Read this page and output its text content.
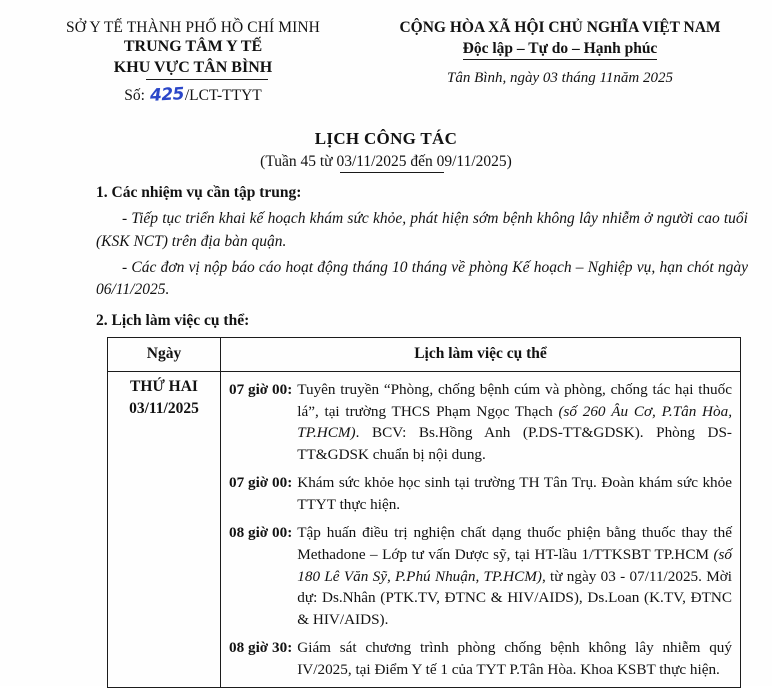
SỞ Y TẾ THÀNH PHỐ HỒ CHÍ MINH
TRUNG TÂM Y TẾ
KHU VỰC TÂN BÌNH
Số: 425/LCT-TTYT
CỘNG HÒA XÃ HỘI CHỦ NGHĨA VIỆT NAM
Độc lập – Tự do – Hạnh phúc
Tân Bình, ngày 03 tháng 11năm 2025
LỊCH CÔNG TÁC
(Tuần 45 từ 03/11/2025 đến 09/11/2025)
1. Các nhiệm vụ cần tập trung:
- Tiếp tục triển khai kế hoạch khám sức khỏe, phát hiện sớm bệnh không lây nhiễm ở người cao tuổi (KSK NCT) trên địa bàn quận.
- Các đơn vị nộp báo cáo hoạt động tháng 10 tháng về phòng Kế hoạch – Nghiệp vụ, hạn chót ngày 06/11/2025.
2. Lịch làm việc cụ thể:
Ngày	Lịch làm việc cụ thể

THỨ HAI
03/11/2025

07 giờ 00: Tuyên truyền “Phòng, chống bệnh cúm và phòng, chống tác hại thuốc lá”, tại trường THCS Phạm Ngọc Thạch (số 260 Âu Cơ, P.Tân Hòa, TP.HCM). BCV: Bs.Hồng Anh (P.DS-TT&GDSK). Phòng DS-TT&GDSK chuẩn bị nội dung.
07 giờ 00: Khám sức khỏe học sinh tại trường TH Tân Trụ. Đoàn khám sức khỏe TTYT thực hiện.
08 giờ 00: Tập huấn điều trị nghiện chất dạng thuốc phiện bằng thuốc thay thế Methadone – Lớp tư vấn Dược sỹ, tại HT-lầu 1/TTKSBT TP.HCM (số 180 Lê Văn Sỹ, P.Phú Nhuận, TP.HCM), từ ngày 03 - 07/11/2025. Mời dự: Ds.Nhân (PTK.TV, ĐTNC & HIV/AIDS), Ds.Loan (K.TV, ĐTNC & HIV/AIDS).
08 giờ 30: Giám sát chương trình phòng chống bệnh không lây nhiễm quý IV/2025, tại Điểm Y tế 1 của TYT P.Tân Hòa. Khoa KSBT thực hiện.
